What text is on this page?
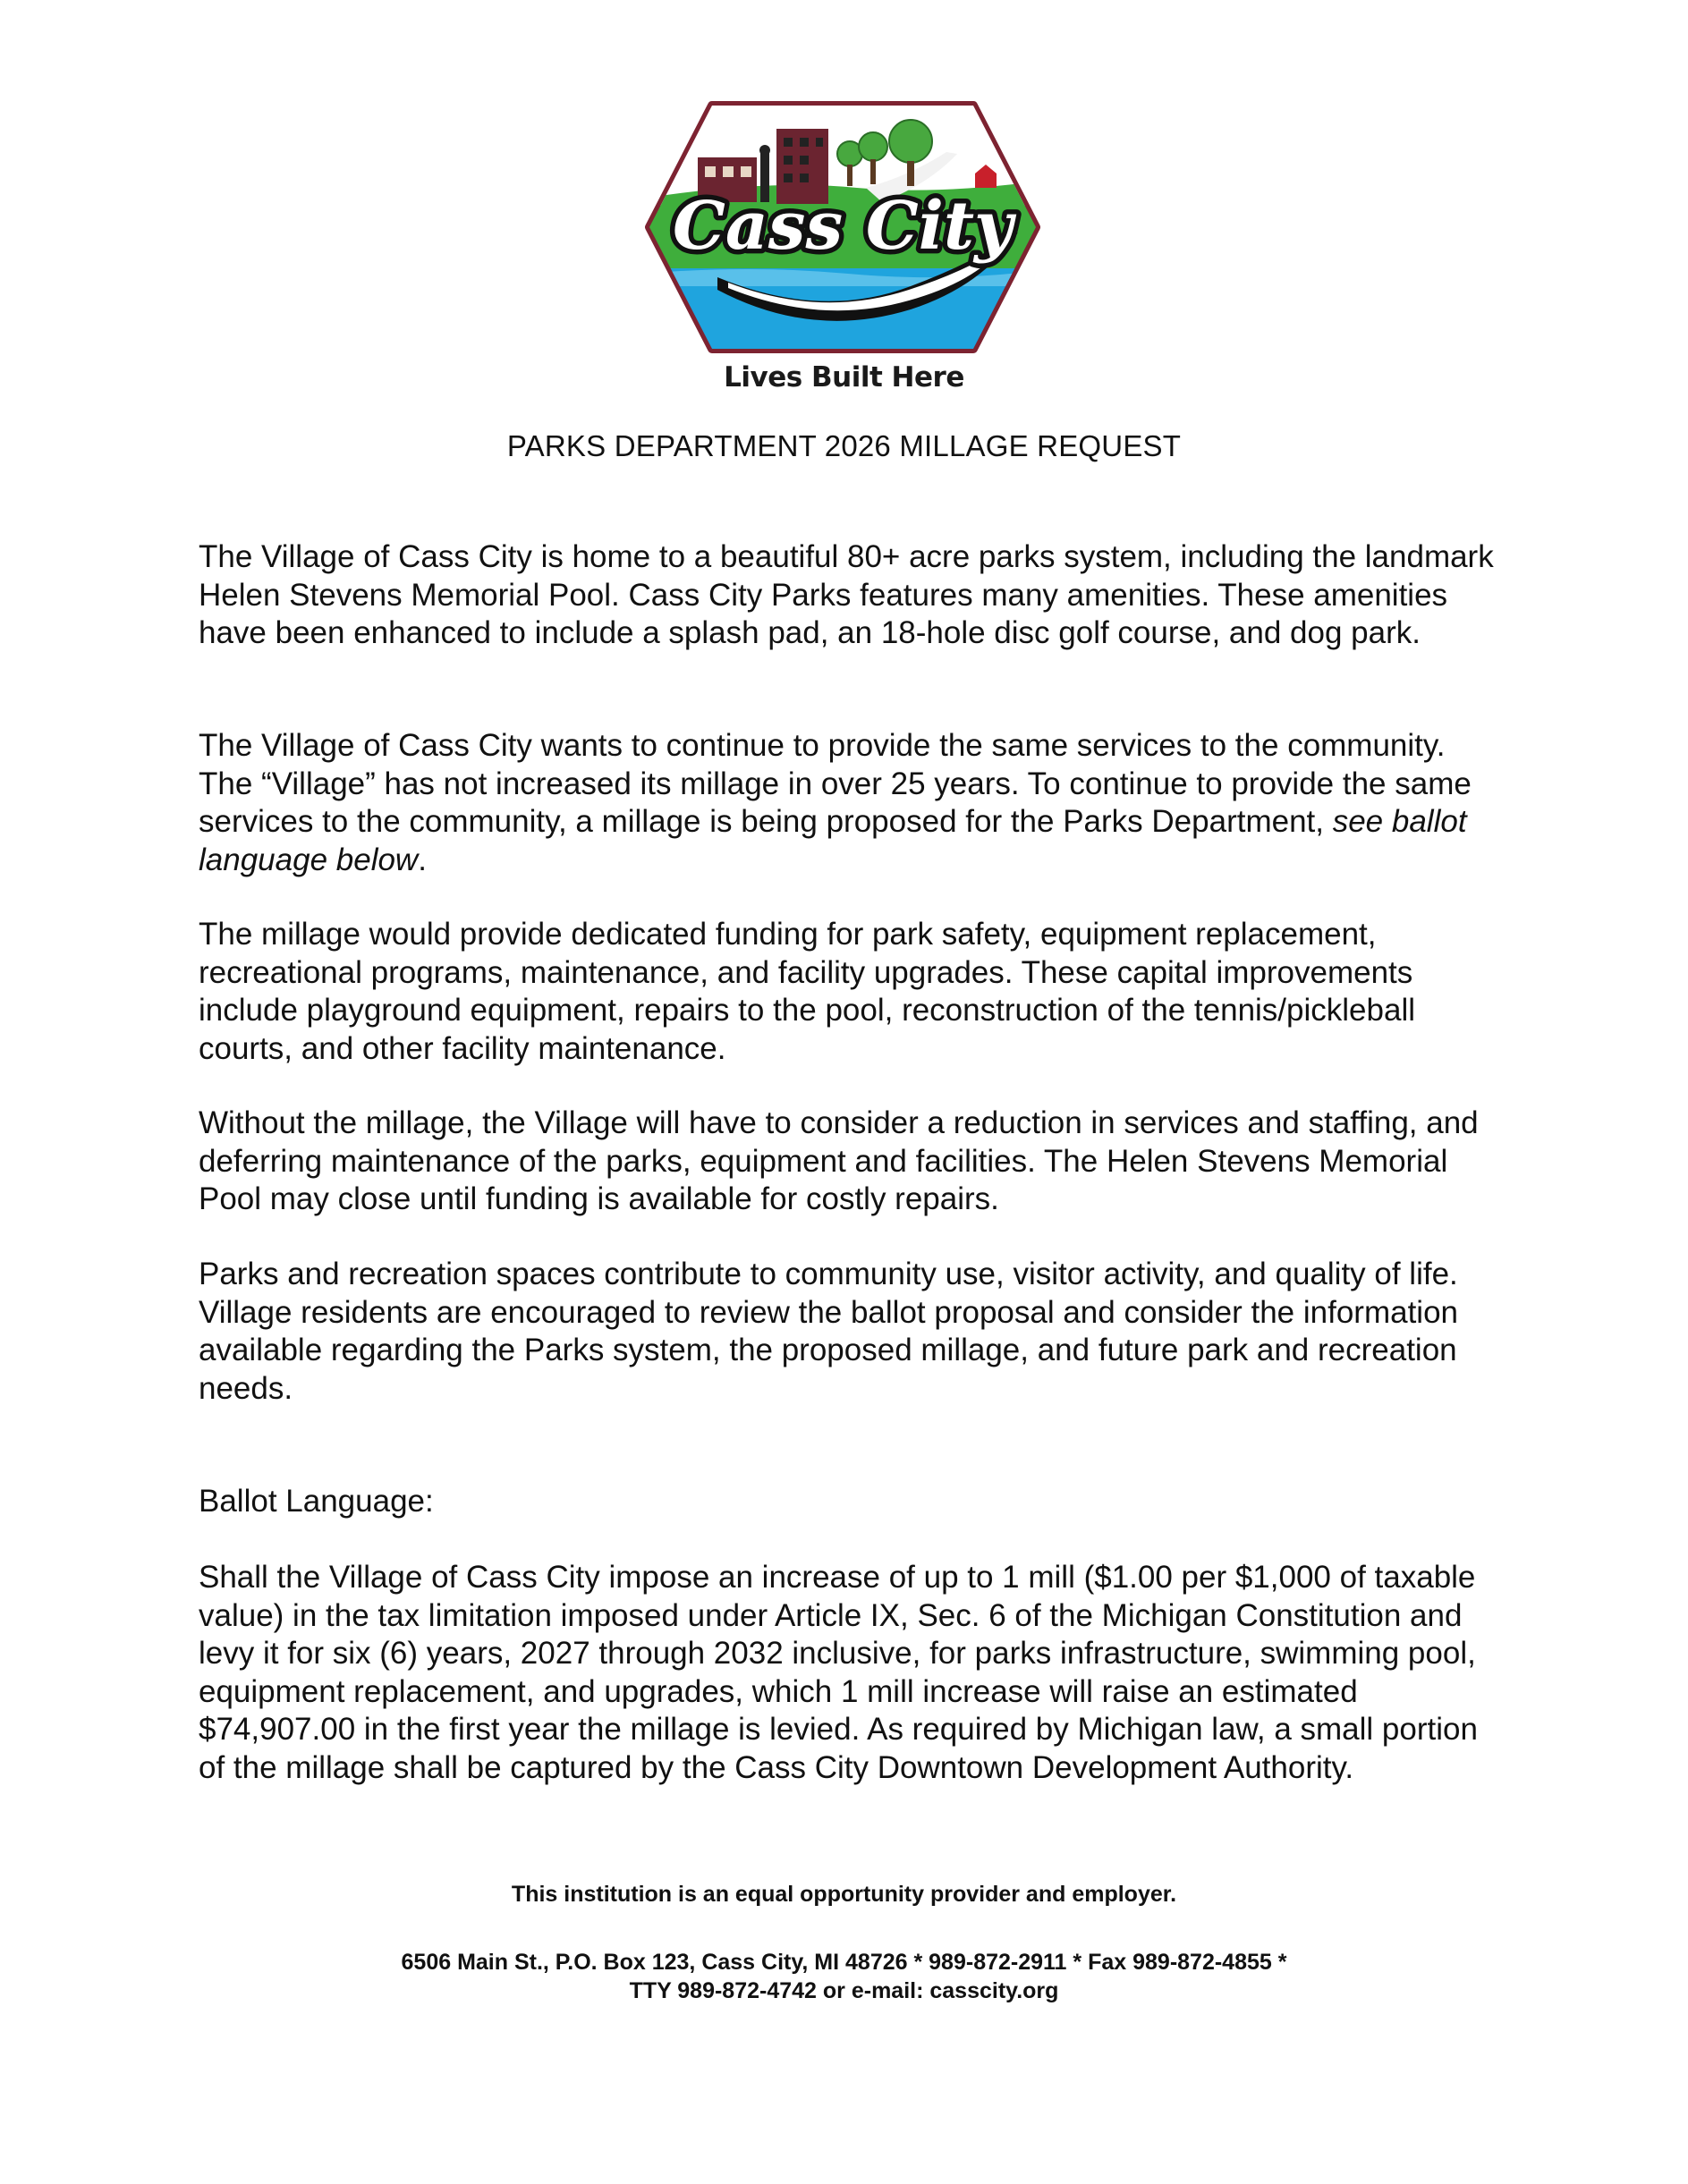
Cass City
Lives Built Here
PARKS DEPARTMENT 2026 MILLAGE REQUEST

The Village of Cass City is home to a beautiful 80+ acre parks system, including the landmark Helen Stevens Memorial Pool. Cass City Parks features many amenities. These amenities have been enhanced to include a splash pad, an 18-hole disc golf course, and dog park.

The Village of Cass City wants to continue to provide the same services to the community. The “Village” has not increased its millage in over 25 years. To continue to provide the same services to the community, a millage is being proposed for the Parks Department, see ballot language below.

The millage would provide dedicated funding for park safety, equipment replacement, recreational programs, maintenance, and facility upgrades. These capital improvements include playground equipment, repairs to the pool, reconstruction of the tennis/pickleball courts, and other facility maintenance.

Without the millage, the Village will have to consider a reduction in services and staffing, and deferring maintenance of the parks, equipment and facilities. The Helen Stevens Memorial Pool may close until funding is available for costly repairs.

Parks and recreation spaces contribute to community use, visitor activity, and quality of life. Village residents are encouraged to review the ballot proposal and consider the information available regarding the Parks system, the proposed millage, and future park and recreation needs.

Ballot Language:

Shall the Village of Cass City impose an increase of up to 1 mill ($1.00 per $1,000 of taxable value) in the tax limitation imposed under Article IX, Sec. 6 of the Michigan Constitution and levy it for six (6) years, 2027 through 2032 inclusive, for parks infrastructure, swimming pool, equipment replacement, and upgrades, which 1 mill increase will raise an estimated $74,907.00 in the first year the millage is levied. As required by Michigan law, a small portion of the millage shall be captured by the Cass City Downtown Development Authority.

This institution is an equal opportunity provider and employer.

6506 Main St., P.O. Box 123, Cass City, MI 48726 * 989-872-2911 * Fax 989-872-4855 *

TTY 989-872-4742 or e-mail: casscity.org
